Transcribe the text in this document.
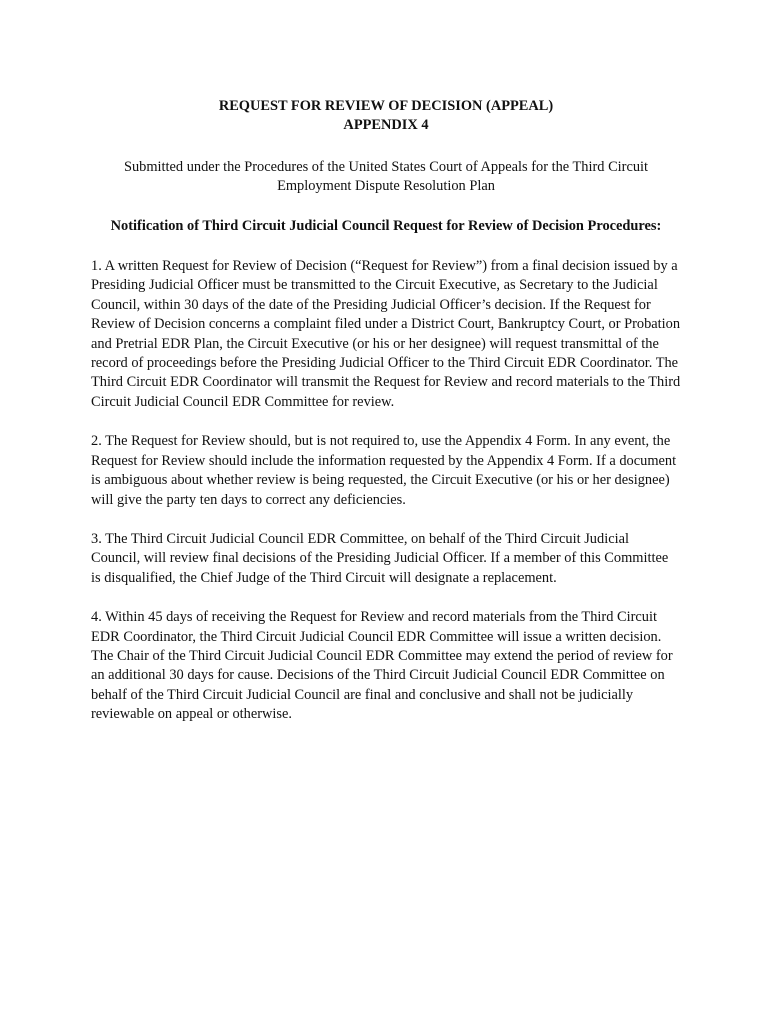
REQUEST FOR REVIEW OF DECISION (APPEAL)
APPENDIX 4
Submitted under the Procedures of the United States Court of Appeals for the Third Circuit Employment Dispute Resolution Plan
Notification of Third Circuit Judicial Council Request for Review of Decision Procedures:

1. A written Request for Review of Decision (“Request for Review”) from a final decision issued by a Presiding Judicial Officer must be transmitted to the Circuit Executive, as Secretary to the Judicial Council, within 30 days of the date of the Presiding Judicial Officer’s decision. If the Request for Review of Decision concerns a complaint filed under a District Court, Bankruptcy Court, or Probation and Pretrial EDR Plan, the Circuit Executive (or his or her designee) will request transmittal of the record of proceedings before the Presiding Judicial Officer to the Third Circuit EDR Coordinator. The Third Circuit EDR Coordinator will transmit the Request for Review and record materials to the Third Circuit Judicial Council EDR Committee for review.

2. The Request for Review should, but is not required to, use the Appendix 4 Form. In any event, the Request for Review should include the information requested by the Appendix 4 Form. If a document is ambiguous about whether review is being requested, the Circuit Executive (or his or her designee) will give the party ten days to correct any deficiencies.

3. The Third Circuit Judicial Council EDR Committee, on behalf of the Third Circuit Judicial Council, will review final decisions of the Presiding Judicial Officer. If a member of this Committee is disqualified, the Chief Judge of the Third Circuit will designate a replacement.

4. Within 45 days of receiving the Request for Review and record materials from the Third Circuit EDR Coordinator, the Third Circuit Judicial Council EDR Committee will issue a written decision. The Chair of the Third Circuit Judicial Council EDR Committee may extend the period of review for an additional 30 days for cause. Decisions of the Third Circuit Judicial Council EDR Committee on behalf of the Third Circuit Judicial Council are final and conclusive and shall not be judicially reviewable on appeal or otherwise.
